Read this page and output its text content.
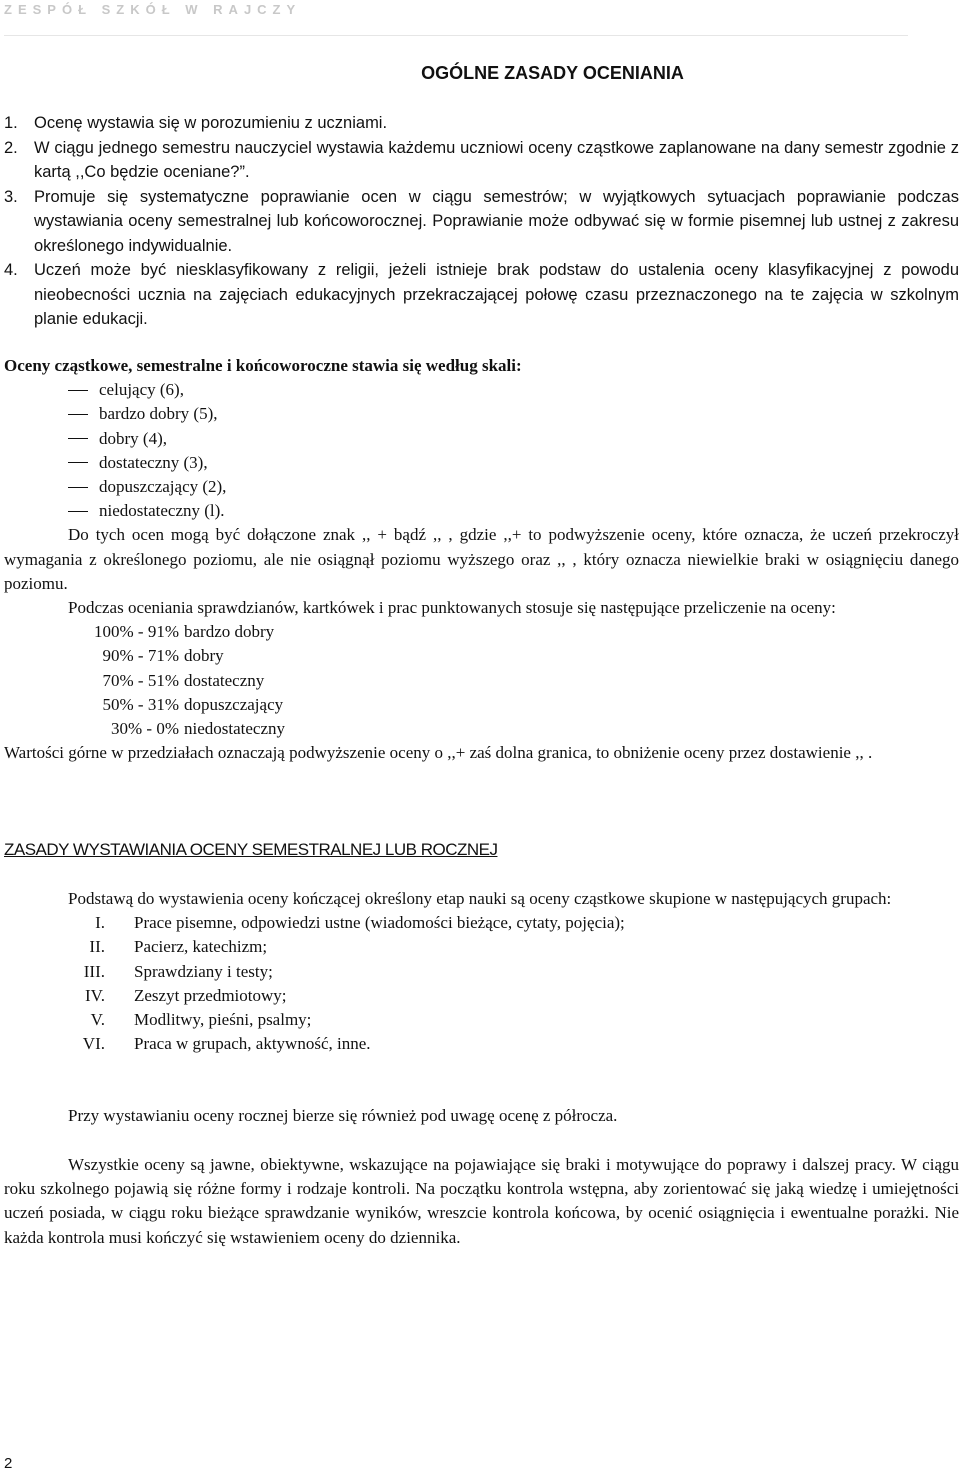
ZESPÓŁ SZKÓŁ W RAJCZY
OGÓLNE ZASADY OCENIANIA
1. Ocenę wystawia się w porozumieniu z uczniami.
2. W ciągu jednego semestru nauczyciel wystawia każdemu uczniowi oceny cząstkowe zaplanowane na dany semestr zgodnie z kartą ,,Co będzie oceniane?”.
3. Promuje się systematyczne poprawianie ocen w ciągu semestrów; w wyjątkowych sytuacjach poprawianie podczas wystawiania oceny semestralnej lub końcoworocznej. Poprawianie może odbywać się w formie pisemnej lub ustnej z zakresu określonego indywidualnie.
4. Uczeń może być niesklasyfikowany z religii, jeżeli istnieje brak podstaw do ustalenia oceny klasyfikacyjnej z powodu nieobecności ucznia na zajęciach edukacyjnych przekraczającej połowę czasu przeznaczonego na te zajęcia w szkolnym planie edukacji.
Oceny cząstkowe, semestralne i końcoworoczne stawia się według skali:
celujący (6),
bardzo dobry (5),
dobry (4),
dostateczny (3),
dopuszczający (2),
niedostateczny (l).
Do tych ocen mogą być dołączone znak ,, + bądź ,, , gdzie ,,+ to podwyższenie oceny, które oznacza, że uczeń przekroczył wymagania z określonego poziomu, ale nie osiągnął poziomu wyższego oraz ,, , który oznacza niewielkie braki w osiągnięciu danego poziomu.
Podczas oceniania sprawdzianów, kartkówek i prac punktowanych stosuje się następujące przeliczenie na oceny:
100% - 91% bardzo dobry
90% - 71% dobry
70% - 51% dostateczny
50% - 31% dopuszczający
30% - 0% niedostateczny
Wartości górne w przedziałach oznaczają podwyższenie oceny o ,,+ zaś dolna granica, to obniżenie oceny przez dostawienie ,, .
ZASADY WYSTAWIANIA OCENY SEMESTRALNEJ LUB ROCZNEJ
Podstawą do wystawienia oceny kończącej określony etap nauki są oceny cząstkowe skupione w następujących grupach:
I. Prace pisemne, odpowiedzi ustne (wiadomości bieżące, cytaty, pojęcia);
II. Pacierz, katechizm;
III. Sprawdziany i testy;
IV. Zeszyt przedmiotowy;
V. Modlitwy, pieśni, psalmy;
VI. Praca w grupach, aktywność, inne.
Przy wystawianiu oceny rocznej bierze się również pod uwagę ocenę z półrocza.
Wszystkie oceny są jawne, obiektywne, wskazujące na pojawiające się braki i motywujące do poprawy i dalszej pracy. W ciągu roku szkolnego pojawią się różne formy i rodzaje kontroli. Na początku kontrola wstępna, aby zorientować się jaką wiedzę i umiejętności uczeń posiada, w ciągu roku bieżące sprawdzanie wyników, wreszcie kontrola końcowa, by ocenić osiągnięcia i ewentualne porażki. Nie każda kontrola musi kończyć się wstawieniem oceny do dziennika.
2
